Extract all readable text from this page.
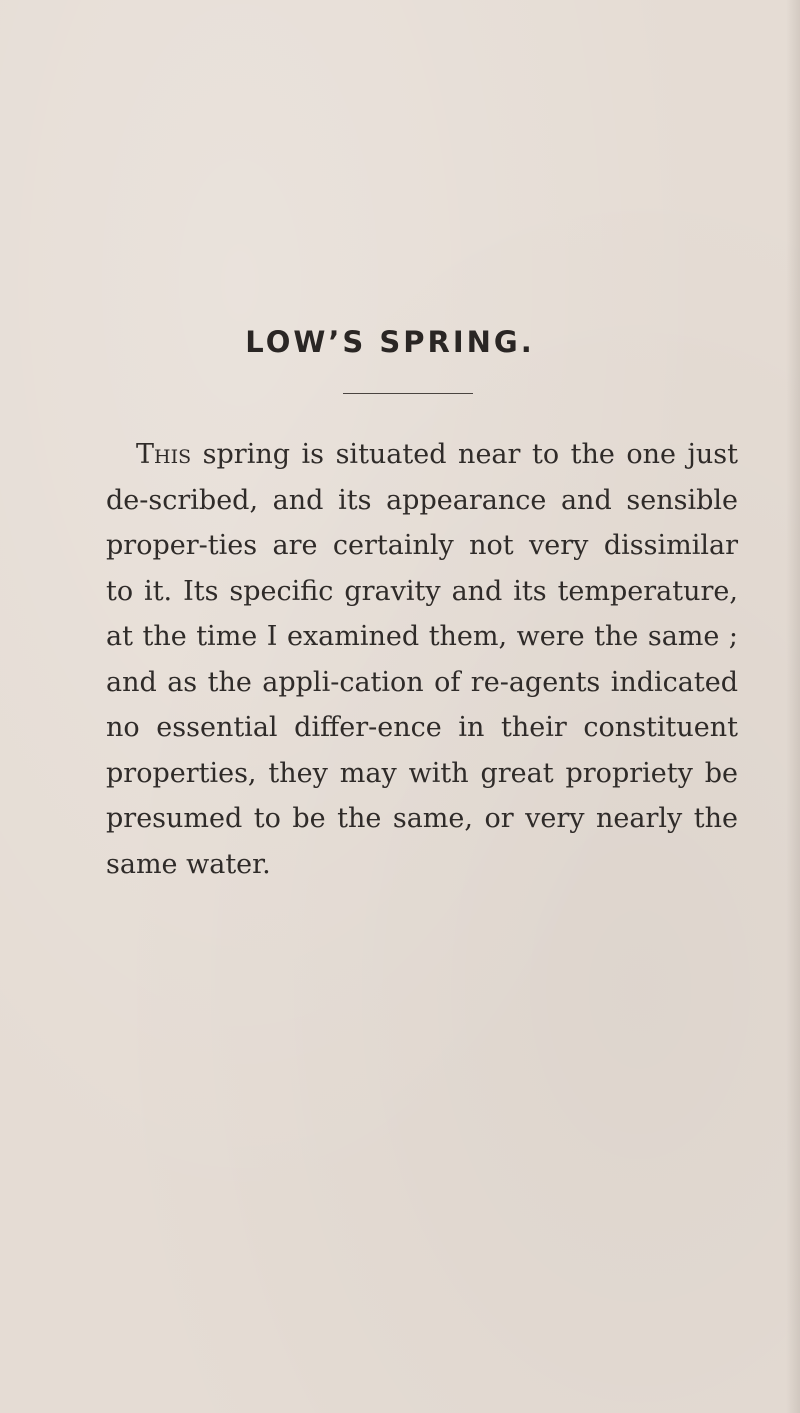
LOW’S SPRING.

This spring is situated near to the one just de-scribed, and its appearance and sensible proper-ties are certainly not very dissimilar to it. Its specific gravity and its temperature, at the time I examined them, were the same ; and as the appli-cation of re-agents indicated no essential differ-ence in their constituent properties, they may with great propriety be presumed to be the same, or very nearly the same water.
